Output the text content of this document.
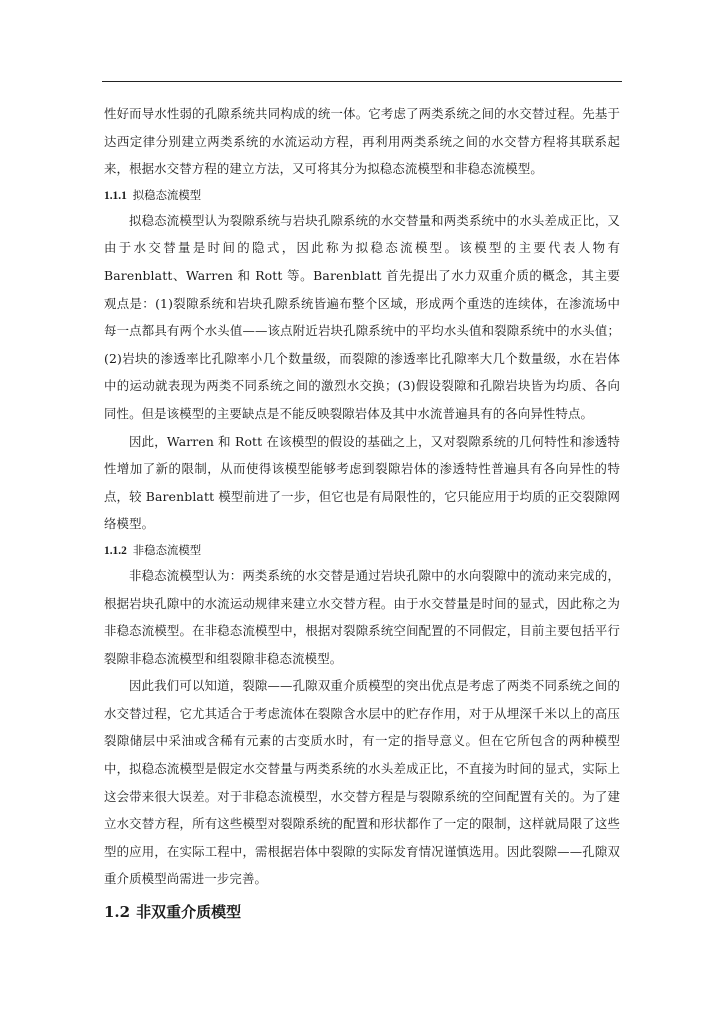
性好而导水性弱的孔隙系统共同构成的统一体。它考虑了两类系统之间的水交替过程。先基于达西定律分别建立两类系统的水流运动方程，再利用两类系统之间的水交替方程将其联系起来，根据水交替方程的建立方法，又可将其分为拟稳态流模型和非稳态流模型。

1.1.1 拟稳态流模型

拟稳态流模型认为裂隙系统与岩块孔隙系统的水交替量和两类系统中的水头差成正比，又由于水交替量是时间的隐式，因此称为拟稳态流模型。该模型的主要代表人物有 Barenblatt、Warren 和 Rott 等。Barenblatt 首先提出了水力双重介质的概念，其主要观点是：(1)裂隙系统和岩块孔隙系统皆遍布整个区域，形成两个重迭的连续体，在渗流场中每一点都具有两个水头值——该点附近岩块孔隙系统中的平均水头值和裂隙系统中的水头值；(2)岩块的渗透率比孔隙率小几个数量级，而裂隙的渗透率比孔隙率大几个数量级，水在岩体中的运动就表现为两类不同系统之间的激烈水交换；(3)假设裂隙和孔隙岩块皆为均质、各向同性。但是该模型的主要缺点是不能反映裂隙岩体及其中水流普遍具有的各向异性特点。

因此，Warren 和 Rott 在该模型的假设的基础之上，又对裂隙系统的几何特性和渗透特性增加了新的限制，从而使得该模型能够考虑到裂隙岩体的渗透特性普遍具有各向异性的特点，较 Barenblatt 模型前进了一步，但它也是有局限性的，它只能应用于均质的正交裂隙网络模型。

1.1.2 非稳态流模型

非稳态流模型认为：两类系统的水交替是通过岩块孔隙中的水向裂隙中的流动来完成的，根据岩块孔隙中的水流运动规律来建立水交替方程。由于水交替量是时间的显式，因此称之为非稳态流模型。在非稳态流模型中，根据对裂隙系统空间配置的不同假定，目前主要包括平行裂隙非稳态流模型和组裂隙非稳态流模型。

因此我们可以知道，裂隙——孔隙双重介质模型的突出优点是考虑了两类不同系统之间的水交替过程，它尤其适合于考虑流体在裂隙含水层中的贮存作用，对于从埋深千米以上的高压裂隙储层中采油或含稀有元素的古变质水时，有一定的指导意义。但在它所包含的两种模型中，拟稳态流模型是假定水交替量与两类系统的水头差成正比，不直接为时间的显式，实际上这会带来很大误差。对于非稳态流模型，水交替方程是与裂隙系统的空间配置有关的。为了建立水交替方程，所有这些模型对裂隙系统的配置和形状都作了一定的限制，这样就局限了这些型的应用，在实际工程中，需根据岩体中裂隙的实际发育情况谨慎选用。因此裂隙——孔隙双重介质模型尚需进一步完善。

1.2 非双重介质模型
